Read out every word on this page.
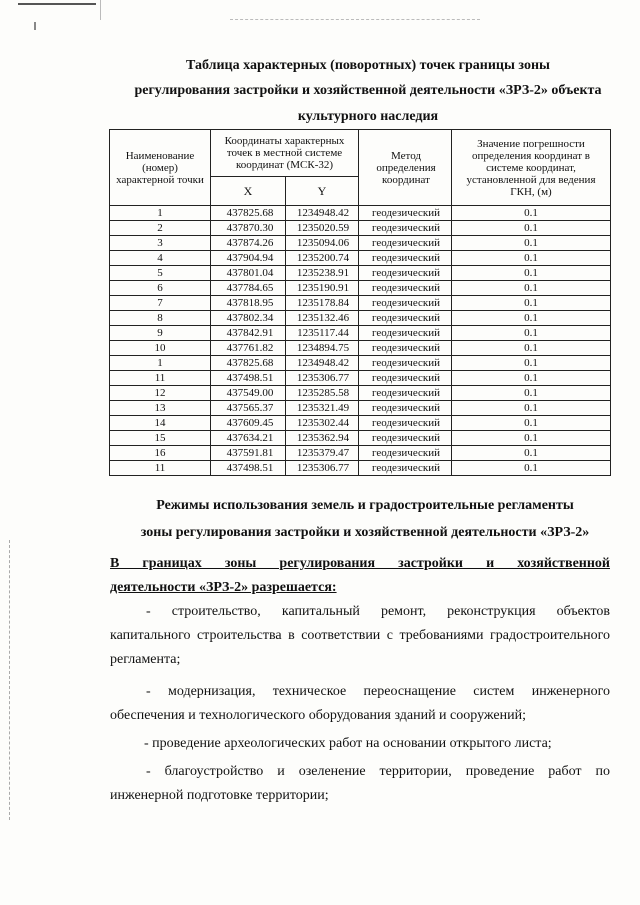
Таблица характерных (поворотных) точек границы зоны

регулирования застройки и хозяйственной деятельности «ЗРЗ-2» объекта

культурного наследия

Наименование (номер) характерной точки	Координаты характерных точек в местной системе координат (МСК-32)		Метод определения координат	Значение погрешности определения координат в системе координат, установленной для ведения ГКН, (м)
	X	Y		
1	437825.68	1234948.42	геодезический	0.1
2	437870.30	1235020.59	геодезический	0.1
3	437874.26	1235094.06	геодезический	0.1
4	437904.94	1235200.74	геодезический	0.1
5	437801.04	1235238.91	геодезический	0.1
6	437784.65	1235190.91	геодезический	0.1
7	437818.95	1235178.84	геодезический	0.1
8	437802.34	1235132.46	геодезический	0.1
9	437842.91	1235117.44	геодезический	0.1
10	437761.82	1234894.75	геодезический	0.1
1	437825.68	1234948.42	геодезический	0.1
11	437498.51	1235306.77	геодезический	0.1
12	437549.00	1235285.58	геодезический	0.1
13	437565.37	1235321.49	геодезический	0.1
14	437609.45	1235302.44	геодезический	0.1
15	437634.21	1235362.94	геодезический	0.1
16	437591.81	1235379.47	геодезический	0.1
11	437498.51	1235306.77	геодезический	0.1

Режимы использования земель и градостроительные регламенты

зоны регулирования застройки и хозяйственной деятельности «ЗРЗ-2»

В границах зоны регулирования застройки и хозяйственной

деятельности «ЗРЗ-2» разрешается:

- строительство, капитальный ремонт, реконструкция объектов

капитального строительства в соответствии с требованиями градостроительного

регламента;

- модернизация, техническое переоснащение систем инженерного

обеспечения и технологического оборудования зданий и сооружений;

- проведение археологических работ на основании открытого листа;

- благоустройство и озеленение территории, проведение работ по

инженерной подготовке территории;
